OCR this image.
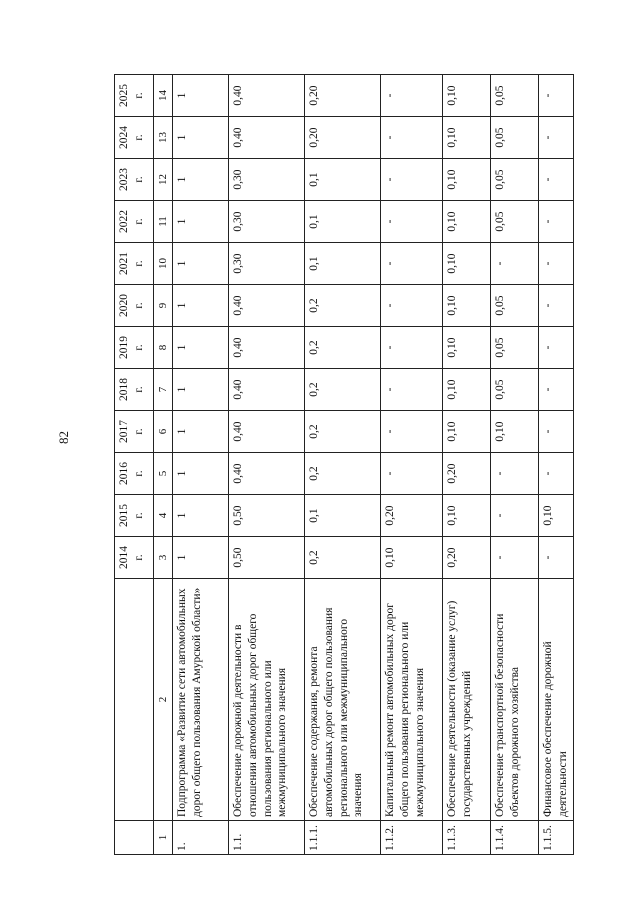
82

		2014 г.	2015 г.	2016 г.	2017 г.	2018 г.	2019 г.	2020 г.	2021 г.	2022 г.	2023 г.	2024 г.	2025 г.

1	2	3	4	5	6	7	8	9	10	11	12	13	14
1.	Подпрограмма «Развитие сети автомобильных дорог общего пользования Амурской области»	1	1	1	1	1	1	1	1	1	1	1	1
1.1.	Обеспечение дорожной деятельности в отношении автомобильных дорог общего пользования регионального или межмуниципального значения	0,50	0,50	0,40	0,40	0,40	0,40	0,40	0,30	0,30	0,30	0,40	0,40
1.1.1.	Обеспечение содержания, ремонта автомобильных дорог общего пользования регионального или межмуниципального значения	0,2	0,1	0,2	0,2	0,2	0,2	0,2	0,1	0,1	0,1	0,20	0,20
1.1.2.	Капитальный ремонт автомобильных дорог общего пользования регионального или межмуниципального значения	0,10	0,20	-	-	-	-	-	-	-	-	-	-
1.1.3.	Обеспечение деятельности (оказание услуг) государственных учреждений	0,20	0,10	0,20	0,10	0,10	0,10	0,10	0,10	0,10	0,10	0,10	0,10
1.1.4.	Обеспечение транспортной безопасности объектов дорожного хозяйства	-	-	-	0,10	0,05	0,05	0,05	-	0,05	0,05	0,05	0,05
1.1.5.	Финансовое обеспечение дорожной деятельности	-	0,10	-	-	-	-	-	-	-	-	-	-
